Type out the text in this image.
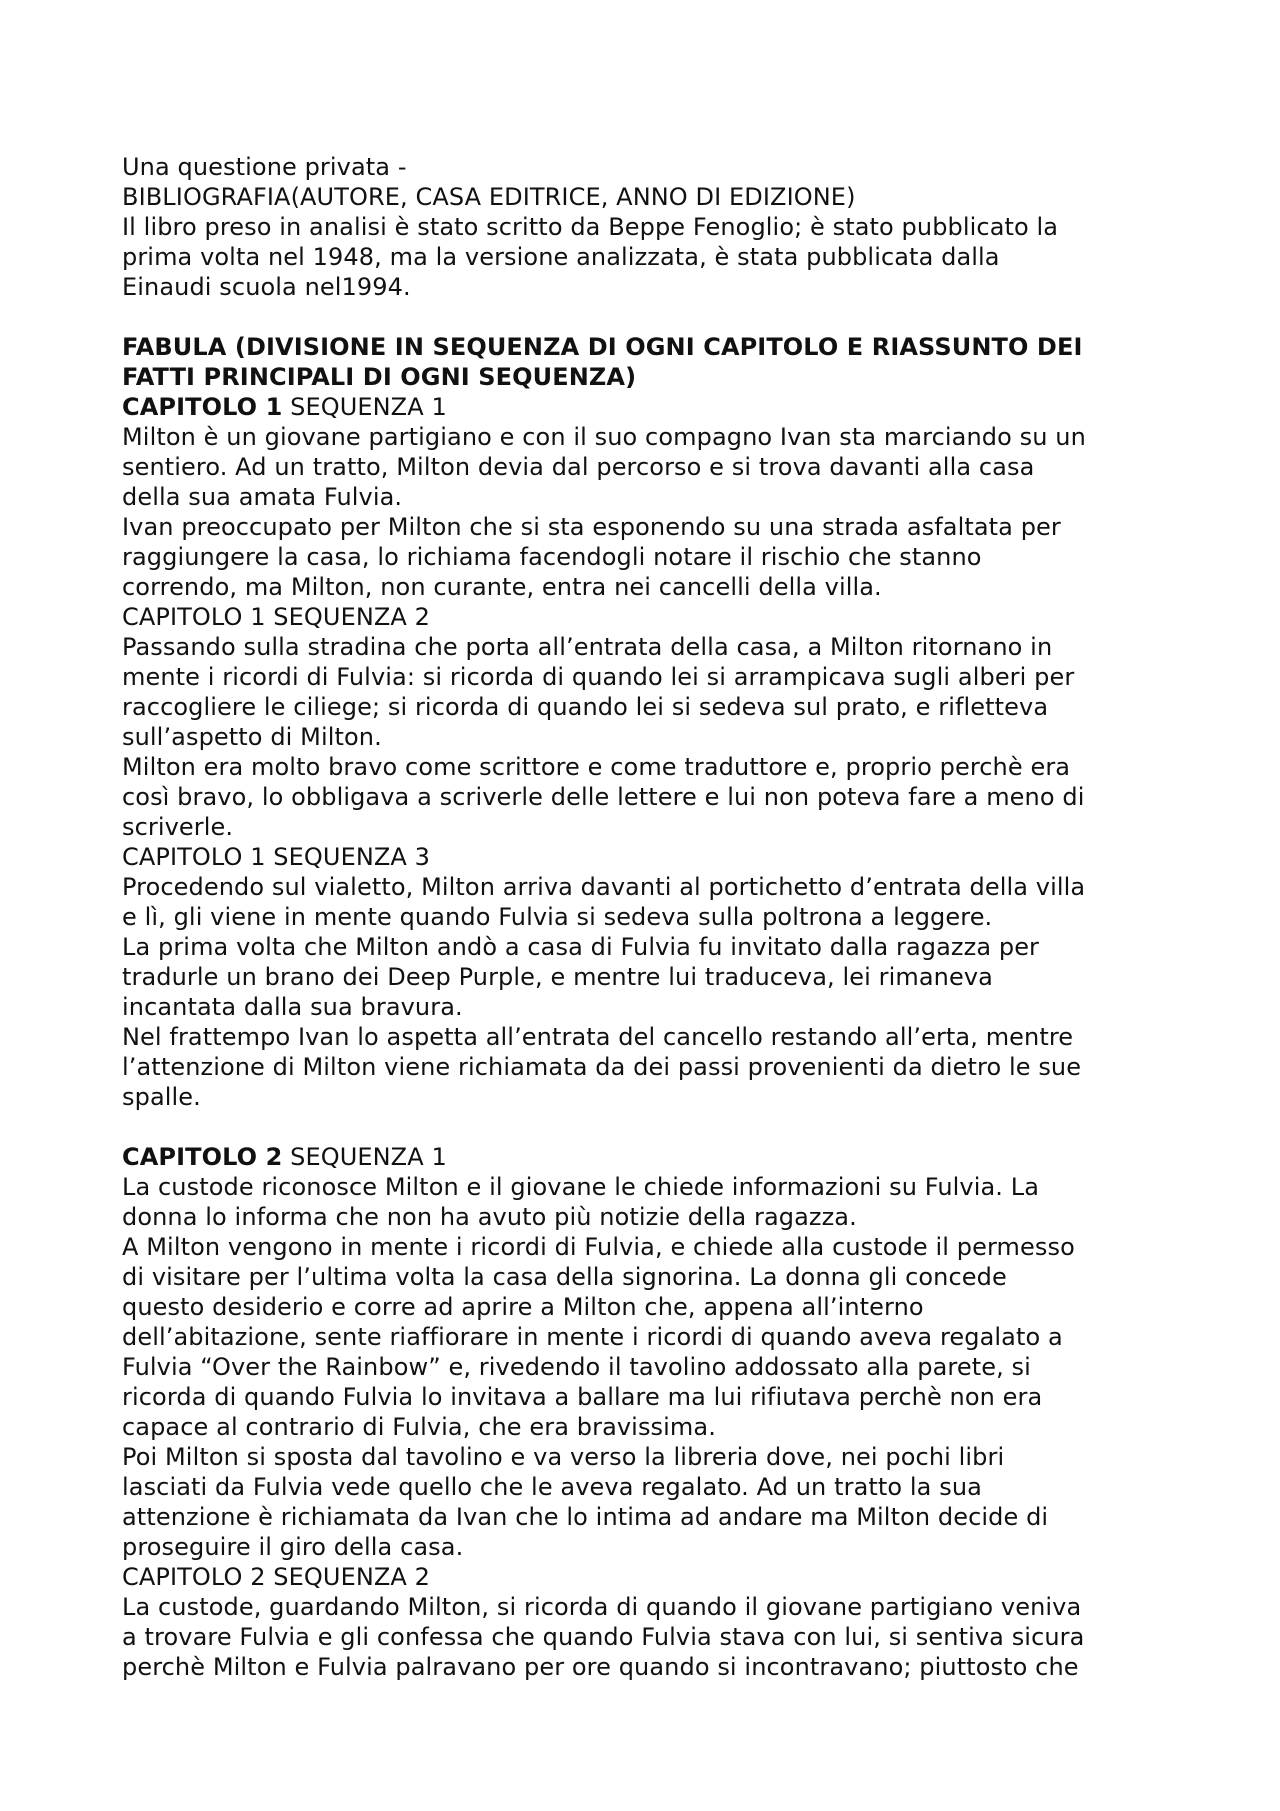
Una questione privata -
BIBLIOGRAFIA(AUTORE, CASA EDITRICE, ANNO DI EDIZIONE)
Il libro preso in analisi è stato scritto da Beppe Fenoglio; è stato pubblicato la
prima volta nel 1948, ma la versione analizzata, è stata pubblicata dalla
Einaudi scuola nel1994.
FABULA (DIVISIONE IN SEQUENZA DI OGNI CAPITOLO E RIASSUNTO DEI
FATTI PRINCIPALI DI OGNI SEQUENZA)
CAPITOLO 1 SEQUENZA 1
Milton è un giovane partigiano e con il suo compagno Ivan sta marciando su un
sentiero. Ad un tratto, Milton devia dal percorso e si trova davanti alla casa
della sua amata Fulvia.
Ivan preoccupato per Milton che si sta esponendo su una strada asfaltata per
raggiungere la casa, lo richiama facendogli notare il rischio che stanno
correndo, ma Milton, non curante, entra nei cancelli della villa.
CAPITOLO 1 SEQUENZA 2
Passando sulla stradina che porta all’entrata della casa, a Milton ritornano in
mente i ricordi di Fulvia: si ricorda di quando lei si arrampicava sugli alberi per
raccogliere le ciliege; si ricorda di quando lei si sedeva sul prato, e rifletteva
sull’aspetto di Milton.
Milton era molto bravo come scrittore e come traduttore e, proprio perchè era
così bravo, lo obbligava a scriverle delle lettere e lui non poteva fare a meno di
scriverle.
CAPITOLO 1 SEQUENZA 3
Procedendo sul vialetto, Milton arriva davanti al portichetto d’entrata della villa
e lì, gli viene in mente quando Fulvia si sedeva sulla poltrona a leggere.
La prima volta che Milton andò a casa di Fulvia fu invitato dalla ragazza per
tradurle un brano dei Deep Purple, e mentre lui traduceva, lei rimaneva
incantata dalla sua bravura.
Nel frattempo Ivan lo aspetta all’entrata del cancello restando all’erta, mentre
l’attenzione di Milton viene richiamata da dei passi provenienti da dietro le sue
spalle.
CAPITOLO 2 SEQUENZA 1
La custode riconosce Milton e il giovane le chiede informazioni su Fulvia. La
donna lo informa che non ha avuto più notizie della ragazza.
A Milton vengono in mente i ricordi di Fulvia, e chiede alla custode il permesso
di visitare per l’ultima volta la casa della signorina. La donna gli concede
questo desiderio e corre ad aprire a Milton che, appena all’interno
dell’abitazione, sente riaffiorare in mente i ricordi di quando aveva regalato a
Fulvia “Over the Rainbow” e, rivedendo il tavolino addossato alla parete, si
ricorda di quando Fulvia lo invitava a ballare ma lui rifiutava perchè non era
capace al contrario di Fulvia, che era bravissima.
Poi Milton si sposta dal tavolino e va verso la libreria dove, nei pochi libri
lasciati da Fulvia vede quello che le aveva regalato. Ad un tratto la sua
attenzione è richiamata da Ivan che lo intima ad andare ma Milton decide di
proseguire il giro della casa.
CAPITOLO 2 SEQUENZA 2
La custode, guardando Milton, si ricorda di quando il giovane partigiano veniva
a trovare Fulvia e gli confessa che quando Fulvia stava con lui, si sentiva sicura
perchè Milton e Fulvia palravano per ore quando si incontravano; piuttosto che
